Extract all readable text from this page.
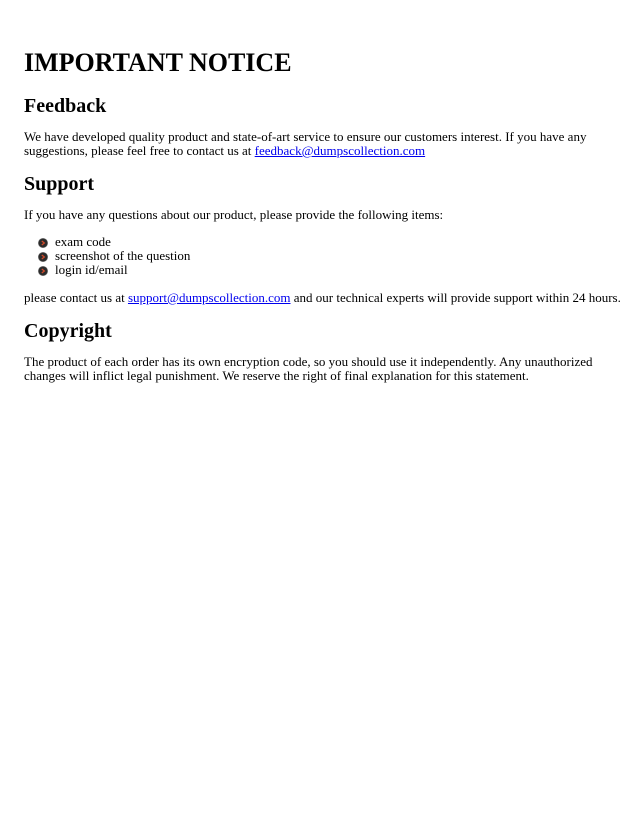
IMPORTANT NOTICE
Feedback

We have developed quality product and state-of-art service to ensure our customers interest. If you have any suggestions, please feel free to contact us at feedback@dumpscollection.com

Support

If you have any questions about our product, please provide the following items:

exam code
screenshot of the question
login id/email

please contact us at support@dumpscollection.com and our technical experts will provide support within 24 hours.

Copyright

The product of each order has its own encryption code, so you should use it independently. Any unauthorized changes will inflict legal punishment. We reserve the right of final explanation for this statement.
